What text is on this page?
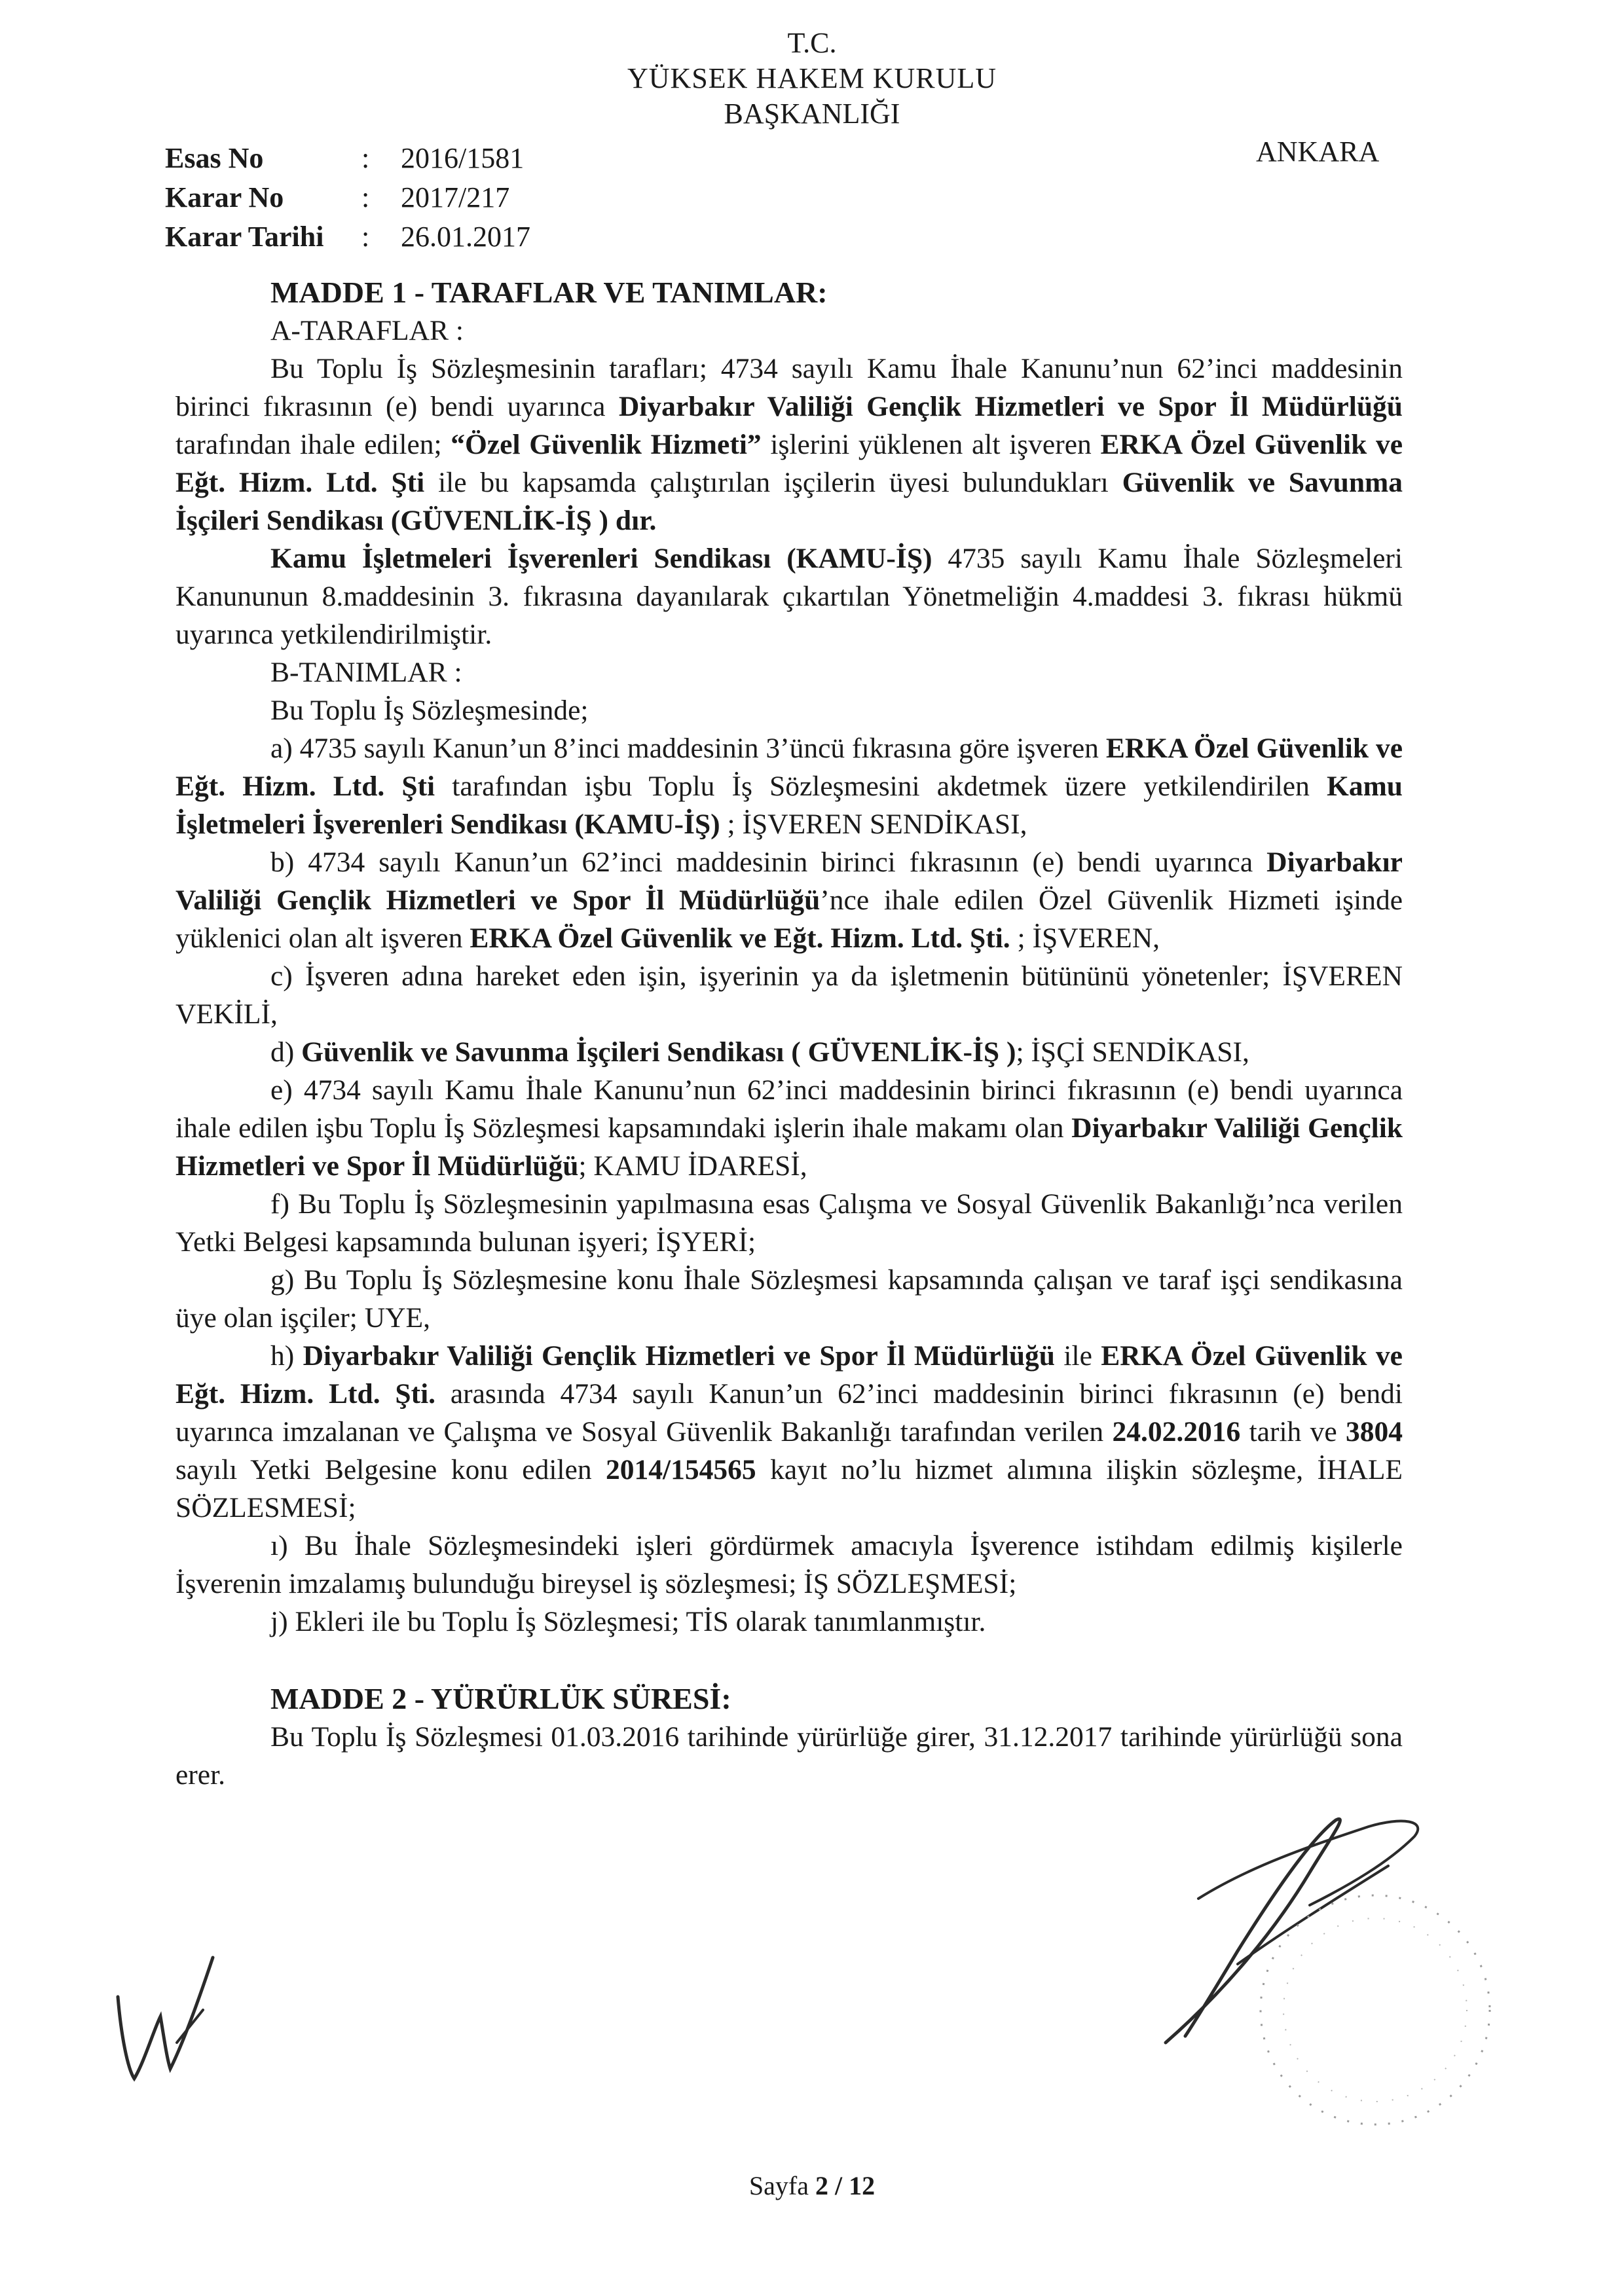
T.C.
YÜKSEK HAKEM KURULU
BAŞKANLIĞI
ANKARA
Esas No	:	2016/1581
Karar No	:	2017/217
Karar Tarihi	:	26.01.2017

MADDE 1 - TARAFLAR VE TANIMLAR:

A-TARAFLAR :

Bu Toplu İş Sözleşmesinin tarafları; 4734 sayılı Kamu İhale Kanunu’nun 62’inci maddesinin birinci fıkrasının (e) bendi uyarınca Diyarbakır Valiliği Gençlik Hizmetleri ve Spor İl Müdürlüğü tarafından ihale edilen; “Özel Güvenlik Hizmeti” işlerini yüklenen alt işveren ERKA Özel Güvenlik ve Eğt. Hizm. Ltd. Şti ile bu kapsamda çalıştırılan işçilerin üyesi bulundukları Güvenlik ve Savunma İşçileri Sendikası (GÜVENLİK-İŞ ) dır.

Kamu İşletmeleri İşverenleri Sendikası (KAMU-İŞ) 4735 sayılı Kamu İhale Sözleşmeleri Kanununun 8.maddesinin 3. fıkrasına dayanılarak çıkartılan Yönetmeliğin 4.maddesi 3. fıkrası hükmü uyarınca yetkilendirilmiştir.

B-TANIMLAR :

Bu Toplu İş Sözleşmesinde;

a) 4735 sayılı Kanun’un 8’inci maddesinin 3’üncü fıkrasına göre işveren ERKA Özel Güvenlik ve Eğt. Hizm. Ltd. Şti tarafından işbu Toplu İş Sözleşmesini akdetmek üzere yetkilendirilen Kamu İşletmeleri İşverenleri Sendikası (KAMU-İŞ) ; İŞVEREN SENDİKASI,

b) 4734 sayılı Kanun’un 62’inci maddesinin birinci fıkrasının (e) bendi uyarınca Diyarbakır Valiliği Gençlik Hizmetleri ve Spor İl Müdürlüğü’nce ihale edilen Özel Güvenlik Hizmeti işinde yüklenici olan alt işveren ERKA Özel Güvenlik ve Eğt. Hizm. Ltd. Şti. ; İŞVEREN,

c) İşveren adına hareket eden işin, işyerinin ya da işletmenin bütününü yönetenler; İŞVEREN VEKİLİ,

d) Güvenlik ve Savunma İşçileri Sendikası ( GÜVENLİK-İŞ ); İŞÇİ SENDİKASI,

e) 4734 sayılı Kamu İhale Kanunu’nun 62’inci maddesinin birinci fıkrasının (e) bendi uyarınca ihale edilen işbu Toplu İş Sözleşmesi kapsamındaki işlerin ihale makamı olan Diyarbakır Valiliği Gençlik Hizmetleri ve Spor İl Müdürlüğü; KAMU İDARESİ,

f) Bu Toplu İş Sözleşmesinin yapılmasına esas Çalışma ve Sosyal Güvenlik Bakanlığı’nca verilen Yetki Belgesi kapsamında bulunan işyeri; İŞYERİ;

g) Bu Toplu İş Sözleşmesine konu İhale Sözleşmesi kapsamında çalışan ve taraf işçi sendikasına üye olan işçiler; UYE,

h) Diyarbakır Valiliği Gençlik Hizmetleri ve Spor İl Müdürlüğü ile ERKA Özel Güvenlik ve Eğt. Hizm. Ltd. Şti. arasında 4734 sayılı Kanun’un 62’inci maddesinin birinci fıkrasının (e) bendi uyarınca imzalanan ve Çalışma ve Sosyal Güvenlik Bakanlığı tarafından verilen 24.02.2016 tarih ve 3804 sayılı Yetki Belgesine konu edilen 2014/154565 kayıt no’lu hizmet alımına ilişkin sözleşme, İHALE SÖZLESMESİ;

ı) Bu İhale Sözleşmesindeki işleri gördürmek amacıyla İşverence istihdam edilmiş kişilerle İşverenin imzalamış bulunduğu bireysel iş sözleşmesi; İŞ SÖZLEŞMESİ;

j) Ekleri ile bu Toplu İş Sözleşmesi; TİS olarak tanımlanmıştır.

MADDE 2 - YÜRÜRLÜK SÜRESİ:

Bu Toplu İş Sözleşmesi 01.03.2016 tarihinde yürürlüğe girer, 31.12.2017 tarihinde yürürlüğü sona erer.

Sayfa 2 / 12
